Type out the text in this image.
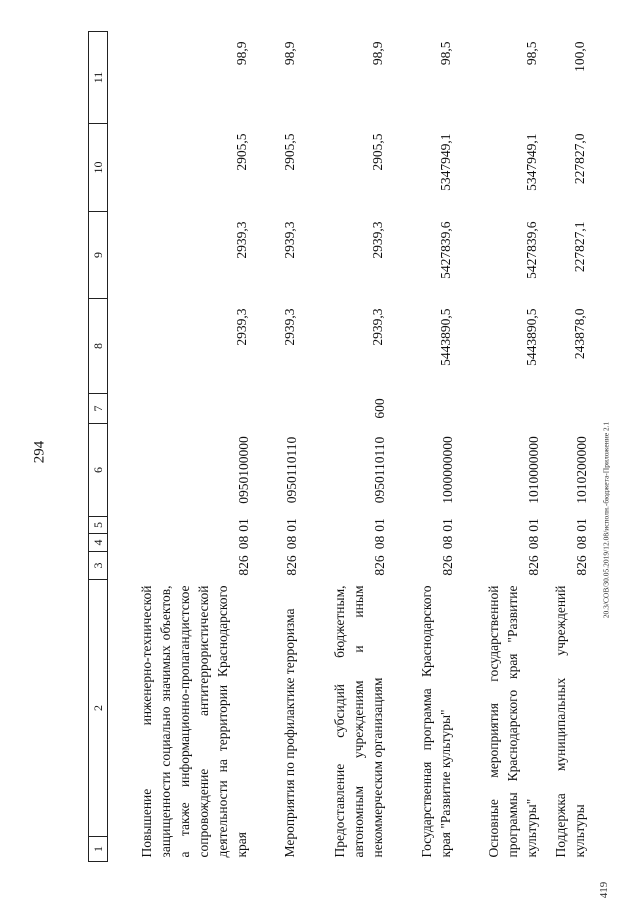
294	20.3/СОВ/30.05.2019/12.08/исполн.-бюджета-Приложение 2.1
419
1	2	3	4	5	6	7	8	9	10	11
Повышение инженерно-технической защищенности социально значимых объектов, а также информационно-пропагандистское сопровождение антитеррористической деятельности на территории Краснодарского края		826	08	01	0950100000		2939,3	2939,3	2905,5	98,9
Мероприятия по профилактике терроризма		826	08	01	0950110110		2939,3	2939,3	2905,5	98,9
Предоставление субсидий бюджетным, автономным учреждениям и иным некоммерческим организациям		826	08	01	0950110110	600	2939,3	2939,3	2905,5	98,9
Государственная программа Краснодарского края "Развитие культуры"		826	08	01	1000000000		5443890,5	5427839,6	5347949,1	98,5
Основные мероприятия государственной программы Краснодарского края "Развитие культуры"		826	08	01	1010000000		5443890,5	5427839,6	5347949,1	98,5
Поддержка муниципальных учреждений культуры		826	08	01	1010200000		243878,0	227827,1	227827,0	100,0
